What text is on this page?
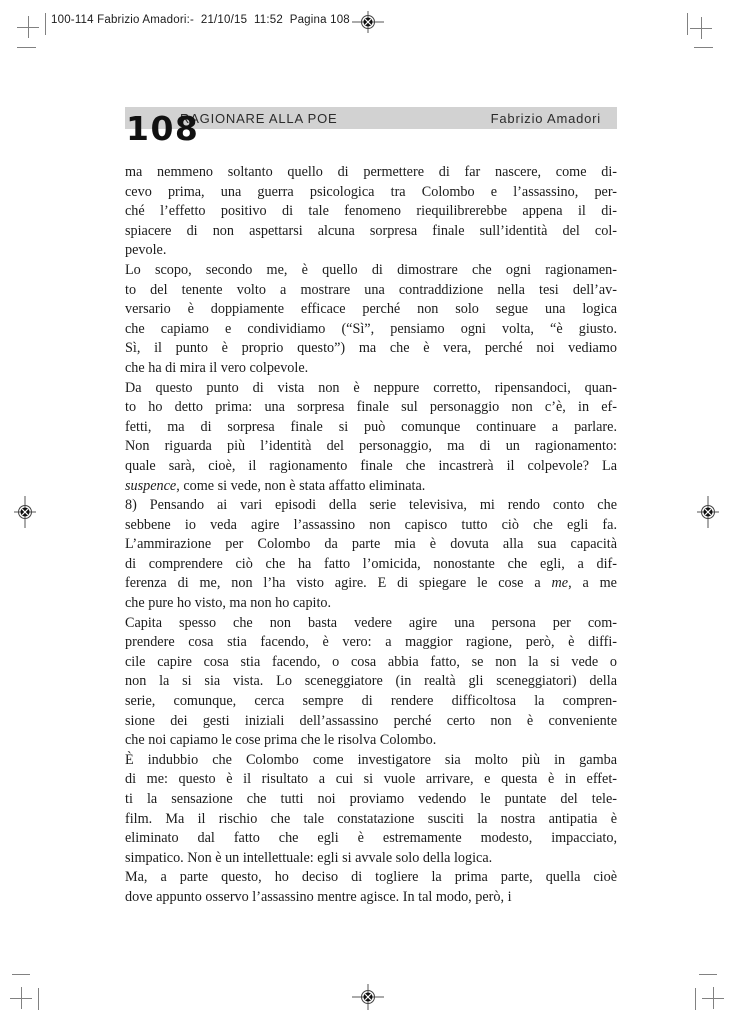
100-114 Fabrizio Amadori:-  21/10/15  11:52  Pagina 108
RAGIONARE ALLA POE	Fabrizio Amadori
108
ma nemmeno soltanto quello di permettere di far nascere, come di-
cevo prima, una guerra psicologica tra Colombo e l’assassino, per-
ché l’effetto positivo di tale fenomeno riequilibrerebbe appena il di-
spiacere di non aspettarsi alcuna sorpresa finale sull’identità del col-
pevole.
Lo scopo, secondo me, è quello di dimostrare che ogni ragionamen-
to del tenente volto a mostrare una contraddizione nella tesi dell’av-
versario è doppiamente efficace perché non solo segue una logica
che capiamo e condividiamo (“Sì”, pensiamo ogni volta, “è giusto.
Sì, il punto è proprio questo”) ma che è vera, perché noi vediamo
che ha di mira il vero colpevole.
Da questo punto di vista non è neppure corretto, ripensandoci, quan-
to ho detto prima: una sorpresa finale sul personaggio non c’è, in ef-
fetti, ma di sorpresa finale si può comunque continuare a parlare.
Non riguarda più l’identità del personaggio, ma di un ragionamento:
quale sarà, cioè, il ragionamento finale che incastrerà il colpevole? La
suspence, come si vede, non è stata affatto eliminata.
8) Pensando ai vari episodi della serie televisiva, mi rendo conto che
sebbene io veda agire l’assassino non capisco tutto ciò che egli fa.
L’ammirazione per Colombo da parte mia è dovuta alla sua capacità
di comprendere ciò che ha fatto l’omicida, nonostante che egli, a dif-
ferenza di me, non l’ha visto agire. E di spiegare le cose a me, a me
che pure ho visto, ma non ho capito.
Capita spesso che non basta vedere agire una persona per com-
prendere cosa stia facendo, è vero: a maggior ragione, però, è diffi-
cile capire cosa stia facendo, o cosa abbia fatto, se non la si vede o
non la si sia vista. Lo sceneggiatore (in realtà gli sceneggiatori) della
serie, comunque, cerca sempre di rendere difficoltosa la compren-
sione dei gesti iniziali dell’assassino perché certo non è conveniente
che noi capiamo le cose prima che le risolva Colombo.
È indubbio che Colombo come investigatore sia molto più in gamba
di me: questo è il risultato a cui si vuole arrivare, e questa è in effet-
ti la sensazione che tutti noi proviamo vedendo le puntate del tele-
film. Ma il rischio che tale constatazione susciti la nostra antipatia è
eliminato dal fatto che egli è estremamente modesto, impacciato,
simpatico. Non è un intellettuale: egli si avvale solo della logica.
Ma, a parte questo, ho deciso di togliere la prima parte, quella cioè
dove appunto osservo l’assassino mentre agisce. In tal modo, però, i
